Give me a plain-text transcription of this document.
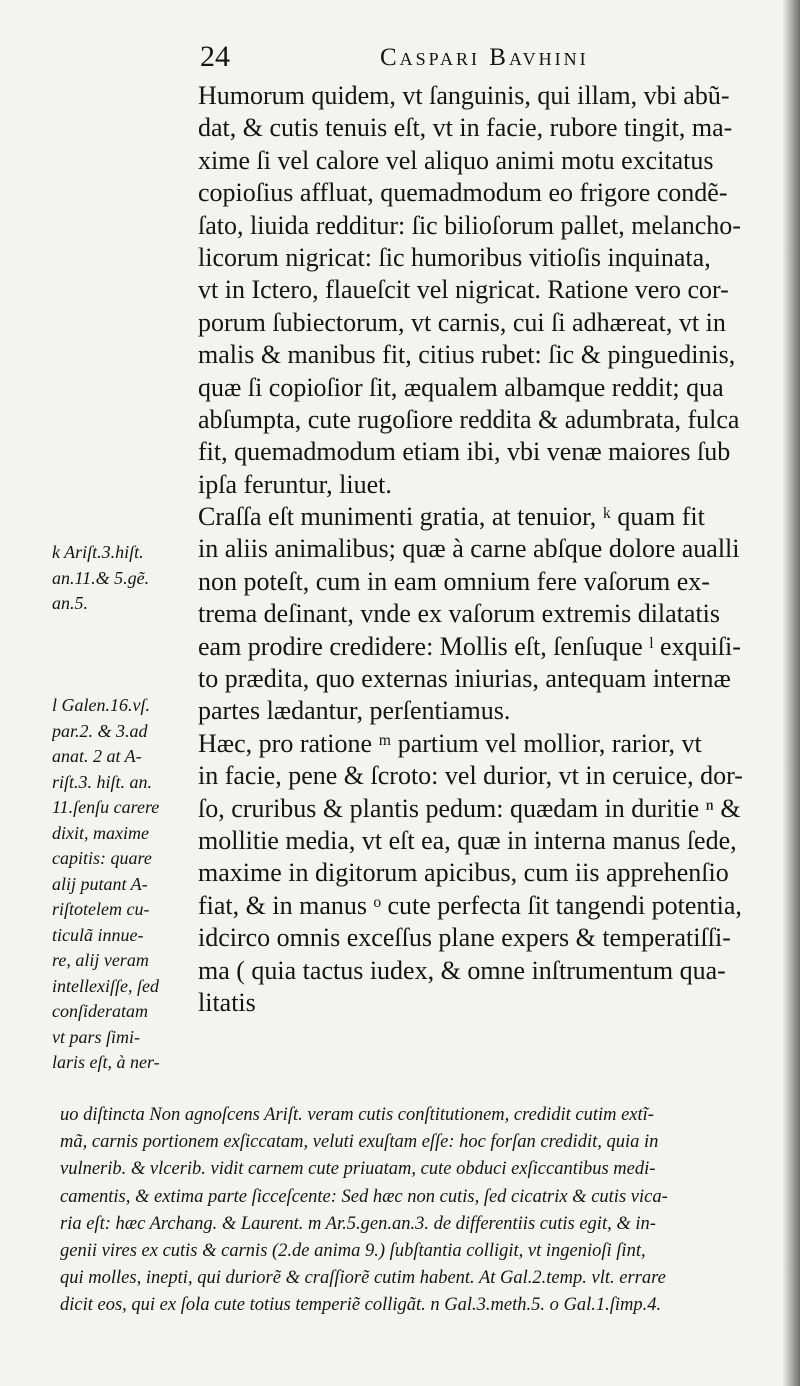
24	Caspari Bavhini
Humorum quidem, vt ſanguinis, qui illam, vbi abũ-
dat, & cutis tenuis eſt, vt in facie, rubore tingit, ma-
xime ſi vel calore vel aliquo animi motu excitatus
copioſius affluat, quemadmodum eo frigore condẽ-
ſato, liuida redditur: ſic bilioſorum pallet, melancho-
licorum nigricat: ſic humoribus vitioſis inquinata,
vt in Ictero, flaueſcit vel nigricat. Ratione vero cor-
porum ſubiectorum, vt carnis, cui ſi adhæreat, vt in
malis & manibus fit, citius rubet: ſic & pinguedinis,
quæ ſi copioſior ſit, æqualem albamque reddit; qua
abſumpta, cute rugoſiore reddita & adumbrata, fulca
fit, quemadmodum etiam ibi, vbi venæ maiores ſub
ipſa feruntur, liuet.
Craſſa eſt munimenti gratia, at tenuior, ᵏ quam fit
in aliis animalibus; quæ à carne abſque dolore aualli
non poteſt, cum in eam omnium fere vaſorum ex-
trema deſinant, vnde ex vaſorum extremis dilatatis
eam prodire credidere: Mollis eſt, ſenſuque ˡ exquiſi-
to prædita, quo externas iniurias, antequam internæ
partes lædantur, perſentiamus.
Hæc, pro ratione ᵐ partium vel mollior, rarior, vt
in facie, pene & ſcroto: vel durior, vt in ceruice, dor-
ſo, cruribus & plantis pedum: quædam in duritie ⁿ &
mollitie media, vt eſt ea, quæ in interna manus ſede,
maxime in digitorum apicibus, cum iis apprehenſio
fiat, & in manus ᵒ cute perfecta ſit tangendi potentia,
idcirco omnis exceſſus plane expers & temperatiſſi-
ma ( quia tactus iudex, & omne inſtrumentum qua-
litatis
k Ariſt.3.hiſt.
an.11.& 5.gẽ.
an.5.
l Galen.16.vſ.
par.2. & 3.ad
anat. 2 at A-
riſt.3. hiſt. an.
11.ſenſu carere
dixit, maxime
capitis: quare
alij putant A-
riſtotelem cu-
ticulã innue-
re, alij veram
intellexiſſe, ſed
conſideratam
vt pars ſimi-
laris eſt, à ner-
uo diſtincta Non agnoſcens Ariſt. veram cutis conſtitutionem, credidit cutim extĩ-
mã, carnis portionem exſiccatam, veluti exuſtam eſſe: hoc forſan credidit, quia in
vulnerib. & vlcerib. vidit carnem cute priuatam, cute obduci exſiccantibus medi-
camentis, & extima parte ſicceſcente: Sed hæc non cutis, ſed cicatrix & cutis vica-
ria eſt: hæc Archang. & Laurent. m Ar.5.gen.an.3. de differentiis cutis egit, & in-
genii vires ex cutis & carnis (2.de anima 9.) ſubſtantia colligit, vt ingenioſi ſint,
qui molles, inepti, qui duriorẽ & craſſiorẽ cutim habent. At Gal.2.temp. vlt. errare
dicit eos, qui ex ſola cute totius temperiẽ colligãt. n Gal.3.meth.5. o Gal.1.ſimp.4.
